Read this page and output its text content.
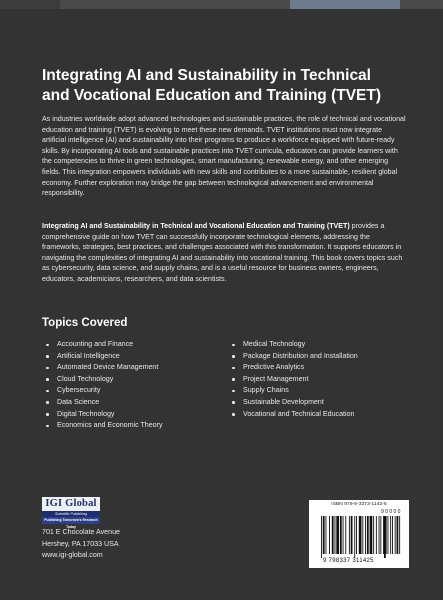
Integrating AI and Sustainability in Technical and Vocational Education and Training (TVET)

As industries worldwide adopt advanced technologies and sustainable practices, the role of technical and vocational education and training (TVET) is evolving to meet these new demands. TVET institutions must now integrate artificial intelligence (AI) and sustainability into their programs to produce a workforce equipped with future-ready skills. By incorporating AI tools and sustainable practices into TVET curricula, educators can provide learners with the competencies to thrive in green technologies, smart manufacturing, renewable energy, and other emerging fields. This integration empowers individuals with new skills and contributes to a more sustainable, resilient global economy. Further exploration may bridge the gap between technological advancement and environmental responsibility.

Integrating AI and Sustainability in Technical and Vocational Education and Training (TVET) provides a comprehensive guide on how TVET can successfully incorporate technological elements, addressing the frameworks, strategies, best practices, and challenges associated with this transformation. It supports educators in navigating the complexities of integrating AI and sustainability into vocational training. This book covers topics such as cybersecurity, data science, and supply chains, and is a useful resource for business owners, engineers, educators, academicians, researchers, and data scientists.

Topics Covered
Accounting and Finance
Artificial Intelligence
Automated Device Management
Cloud Technology
Cybersecurity
Data Science
Digital Technology
Economics and Economic Theory
Medical Technology
Package Distribution and Installation
Predictive Analytics
Project Management
Supply Chains
Sustainable Development
Vocational and Technical Education
IGI Global
Scientific Publishing
Publishing Tomorrow's Research Today
701 E Chocolate Avenue
Hershey, PA 17033 USA
www.igi-global.com
ISBN 979-8-3373-1142-5
9 798337 311425
9 0 0 0 0
